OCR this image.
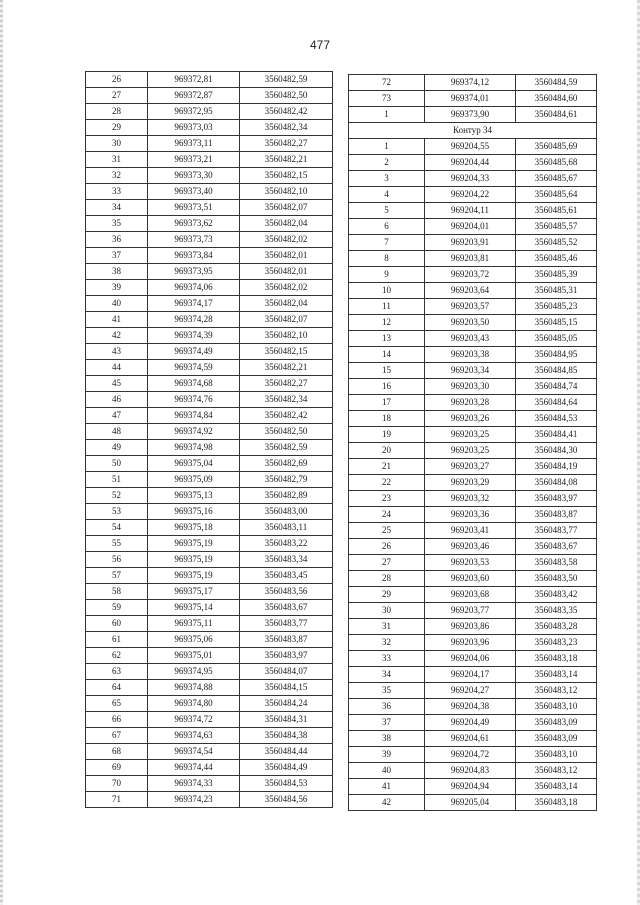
477
26	969372,81	3560482,59
27	969372,87	3560482,50
28	969372,95	3560482,42
29	969373,03	3560482,34
30	969373,11	3560482,27
31	969373,21	3560482,21
32	969373,30	3560482,15
33	969373,40	3560482,10
34	969373,51	3560482,07
35	969373,62	3560482,04
36	969373,73	3560482,02
37	969373,84	3560482,01
38	969373,95	3560482,01
39	969374,06	3560482,02
40	969374,17	3560482,04
41	969374,28	3560482,07
42	969374,39	3560482,10
43	969374,49	3560482,15
44	969374,59	3560482,21
45	969374,68	3560482,27
46	969374,76	3560482,34
47	969374,84	3560482,42
48	969374,92	3560482,50
49	969374,98	3560482,59
50	969375,04	3560482,69
51	969375,09	3560482,79
52	969375,13	3560482,89
53	969375,16	3560483,00
54	969375,18	3560483,11
55	969375,19	3560483,22
56	969375,19	3560483,34
57	969375,19	3560483,45
58	969375,17	3560483,56
59	969375,14	3560483,67
60	969375,11	3560483,77
61	969375,06	3560483,87
62	969375,01	3560483,97
63	969374,95	3560484,07
64	969374,88	3560484,15
65	969374,80	3560484,24
66	969374,72	3560484,31
67	969374,63	3560484,38
68	969374,54	3560484,44
69	969374,44	3560484,49
70	969374,33	3560484,53
71	969374,23	3560484,56
72	969374,12	3560484,59
73	969374,01	3560484,60
1	969373,90	3560484,61
Контур 34		
1	969204,55	3560485,69
2	969204,44	3560485,68
3	969204,33	3560485,67
4	969204,22	3560485,64
5	969204,11	3560485,61
6	969204,01	3560485,57
7	969203,91	3560485,52
8	969203,81	3560485,46
9	969203,72	3560485,39
10	969203,64	3560485,31
11	969203,57	3560485,23
12	969203,50	3560485,15
13	969203,43	3560485,05
14	969203,38	3560484,95
15	969203,34	3560484,85
16	969203,30	3560484,74
17	969203,28	3560484,64
18	969203,26	3560484,53
19	969203,25	3560484,41
20	969203,25	3560484,30
21	969203,27	3560484,19
22	969203,29	3560484,08
23	969203,32	3560483,97
24	969203,36	3560483,87
25	969203,41	3560483,77
26	969203,46	3560483,67
27	969203,53	3560483,58
28	969203,60	3560483,50
29	969203,68	3560483,42
30	969203,77	3560483,35
31	969203,86	3560483,28
32	969203,96	3560483,23
33	969204,06	3560483,18
34	969204,17	3560483,14
35	969204,27	3560483,12
36	969204,38	3560483,10
37	969204,49	3560483,09
38	969204,61	3560483,09
39	969204,72	3560483,10
40	969204,83	3560483,12
41	969204,94	3560483,14
42	969205,04	3560483,18
